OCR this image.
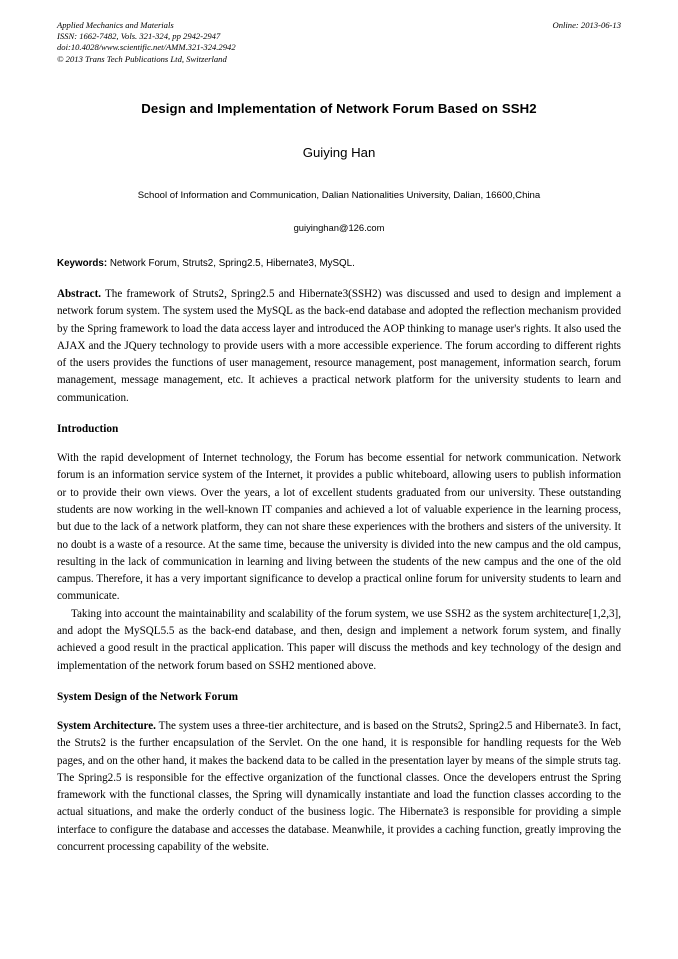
Applied Mechanics and Materials
ISSN: 1662-7482, Vols. 321-324, pp 2942-2947
doi:10.4028/www.scientific.net/AMM.321-324.2942
© 2013 Trans Tech Publications Ltd, Switzerland
Online: 2013-06-13
Design and Implementation of Network Forum Based on SSH2
Guiying Han
School of Information and Communication, Dalian Nationalities University, Dalian, 16600,China
guiyinghan@126.com

Keywords: Network Forum, Struts2, Spring2.5, Hibernate3, MySQL.

Abstract. The framework of Struts2, Spring2.5 and Hibernate3(SSH2) was discussed and used to design and implement a network forum system. The system used the MySQL as the back-end database and adopted the reflection mechanism provided by the Spring framework to load the data access layer and introduced the AOP thinking to manage user's rights. It also used the AJAX and the JQuery technology to provide users with a more accessible experience. The forum according to different rights of the users provides the functions of user management, resource management, post management, information search, forum management, message management, etc. It achieves a practical network platform for the university students to learn and communication.

Introduction

With the rapid development of Internet technology, the Forum has become essential for network communication. Network forum is an information service system of the Internet, it provides a public whiteboard, allowing users to publish information or to provide their own views. Over the years, a lot of excellent students graduated from our university. These outstanding students are now working in the well-known IT companies and achieved a lot of valuable experience in the learning process, but due to the lack of a network platform, they can not share these experiences with the brothers and sisters of the university. It no doubt is a waste of a resource. At the same time, because the university is divided into the new campus and the old campus, resulting in the lack of communication in learning and living between the students of the new campus and the one of the old campus. Therefore, it has a very important significance to develop a practical online forum for university students to learn and communicate.

Taking into account the maintainability and scalability of the forum system, we use SSH2 as the system architecture[1,2,3], and adopt the MySQL5.5 as the back-end database, and then, design and implement a network forum system, and finally achieved a good result in the practical application. This paper will discuss the methods and key technology of the design and implementation of the network forum based on SSH2 mentioned above.

System Design of the Network Forum

System Architecture. The system uses a three-tier architecture, and is based on the Struts2, Spring2.5 and Hibernate3. In fact, the Struts2 is the further encapsulation of the Servlet. On the one hand, it is responsible for handling requests for the Web pages, and on the other hand, it makes the backend data to be called in the presentation layer by means of the simple struts tag. The Spring2.5 is responsible for the effective organization of the functional classes. Once the developers entrust the Spring framework with the functional classes, the Spring will dynamically instantiate and load the function classes according to the actual situations, and make the orderly conduct of the business logic. The Hibernate3 is responsible for providing a simple interface to configure the database and accesses the database. Meanwhile, it provides a caching function, greatly improving the concurrent processing capability of the website.
